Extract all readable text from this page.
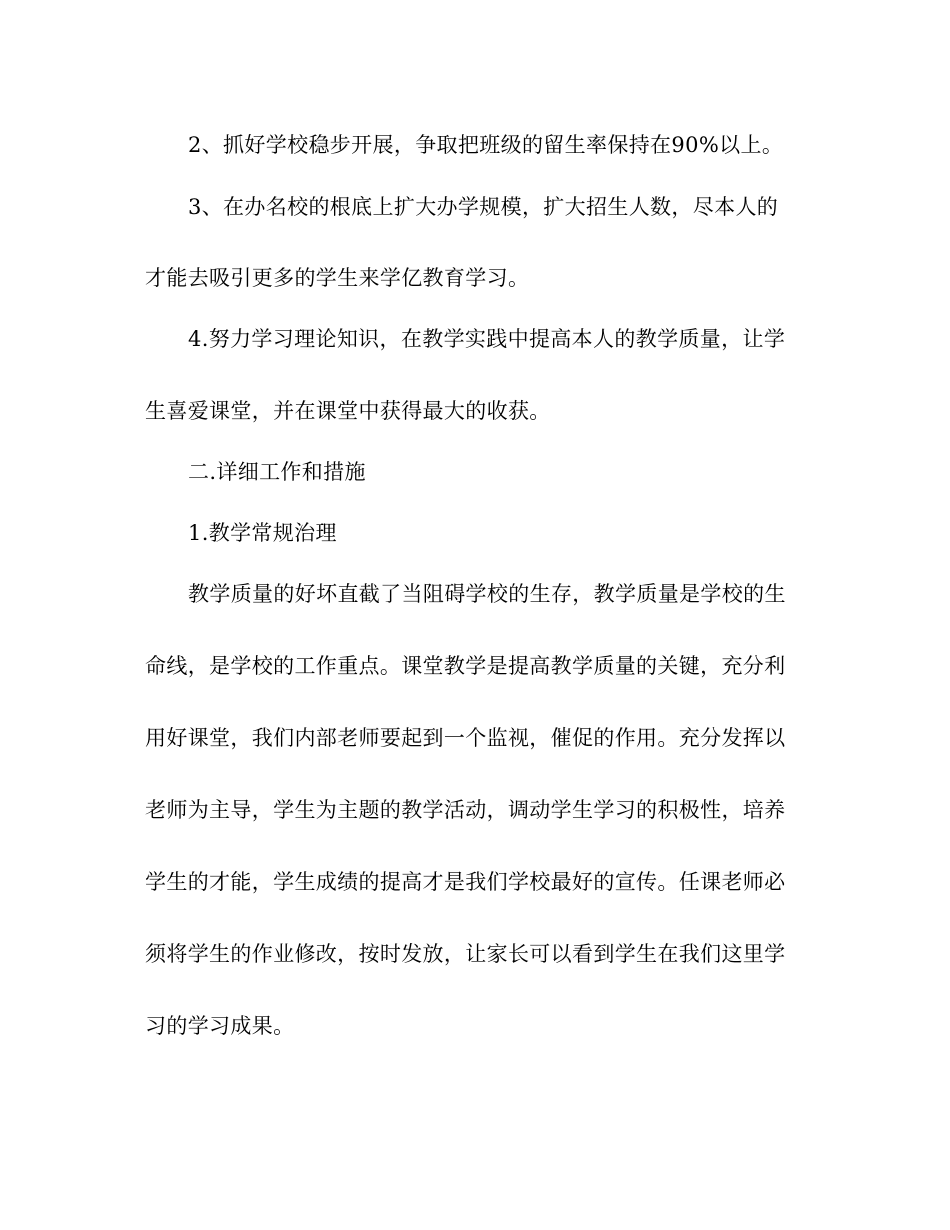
2、抓好学校稳步开展，争取把班级的留生率保持在90%以上。
3、在办名校的根底上扩大办学规模，扩大招生人数，尽本人的
才能去吸引更多的学生来学亿教育学习。
4.努力学习理论知识，在教学实践中提高本人的教学质量，让学
生喜爱课堂，并在课堂中获得最大的收获。
二.详细工作和措施
1.教学常规治理
教学质量的好坏直截了当阻碍学校的生存，教学质量是学校的生
命线，是学校的工作重点。课堂教学是提高教学质量的关键，充分利
用好课堂，我们内部老师要起到一个监视，催促的作用。充分发挥以
老师为主导，学生为主题的教学活动，调动学生学习的积极性，培养
学生的才能，学生成绩的提高才是我们学校最好的宣传。任课老师必
须将学生的作业修改，按时发放，让家长可以看到学生在我们这里学
习的学习成果。
